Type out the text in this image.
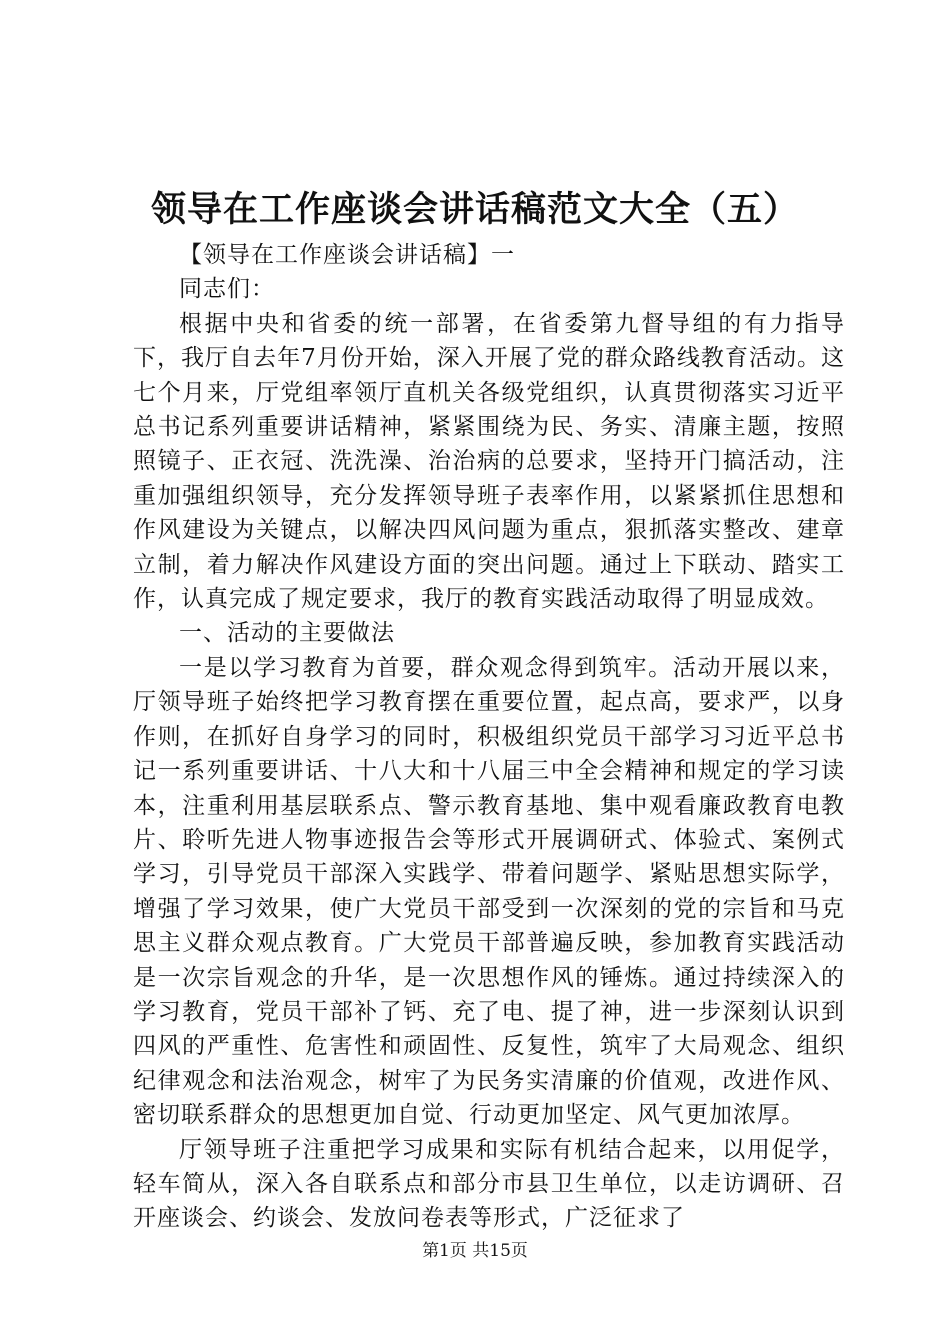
领导在工作座谈会讲话稿范文大全（五）

【领导在工作座谈会讲话稿】一

同志们：

根据中央和省委的统一部署，在省委第九督导组的有力指导下，我厅自去年7月份开始，深入开展了党的群众路线教育活动。这七个月来，厅党组率领厅直机关各级党组织，认真贯彻落实习近平总书记系列重要讲话精神，紧紧围绕为民、务实、清廉主题，按照照镜子、正衣冠、洗洗澡、治治病的总要求，坚持开门搞活动，注重加强组织领导，充分发挥领导班子表率作用，以紧紧抓住思想和作风建设为关键点，以解决四风问题为重点，狠抓落实整改、建章立制，着力解决作风建设方面的突出问题。通过上下联动、踏实工作，认真完成了规定要求，我厅的教育实践活动取得了明显成效。

一、活动的主要做法

一是以学习教育为首要，群众观念得到筑牢。活动开展以来，厅领导班子始终把学习教育摆在重要位置，起点高，要求严，以身作则，在抓好自身学习的同时，积极组织党员干部学习习近平总书记一系列重要讲话、十八大和十八届三中全会精神和规定的学习读本，注重利用基层联系点、警示教育基地、集中观看廉政教育电教片、聆听先进人物事迹报告会等形式开展调研式、体验式、案例式学习，引导党员干部深入实践学、带着问题学、紧贴思想实际学，增强了学习效果，使广大党员干部受到一次深刻的党的宗旨和马克思主义群众观点教育。广大党员干部普遍反映，参加教育实践活动是一次宗旨观念的升华，是一次思想作风的锤炼。通过持续深入的学习教育，党员干部补了钙、充了电、提了神，进一步深刻认识到四风的严重性、危害性和顽固性、反复性，筑牢了大局观念、组织纪律观念和法治观念，树牢了为民务实清廉的价值观，改进作风、密切联系群众的思想更加自觉、行动更加坚定、风气更加浓厚。

厅领导班子注重把学习成果和实际有机结合起来，以用促学，轻车简从，深入各自联系点和部分市县卫生单位，以走访调研、召开座谈会、约谈会、发放问卷表等形式，广泛征求了

第1页 共15页
